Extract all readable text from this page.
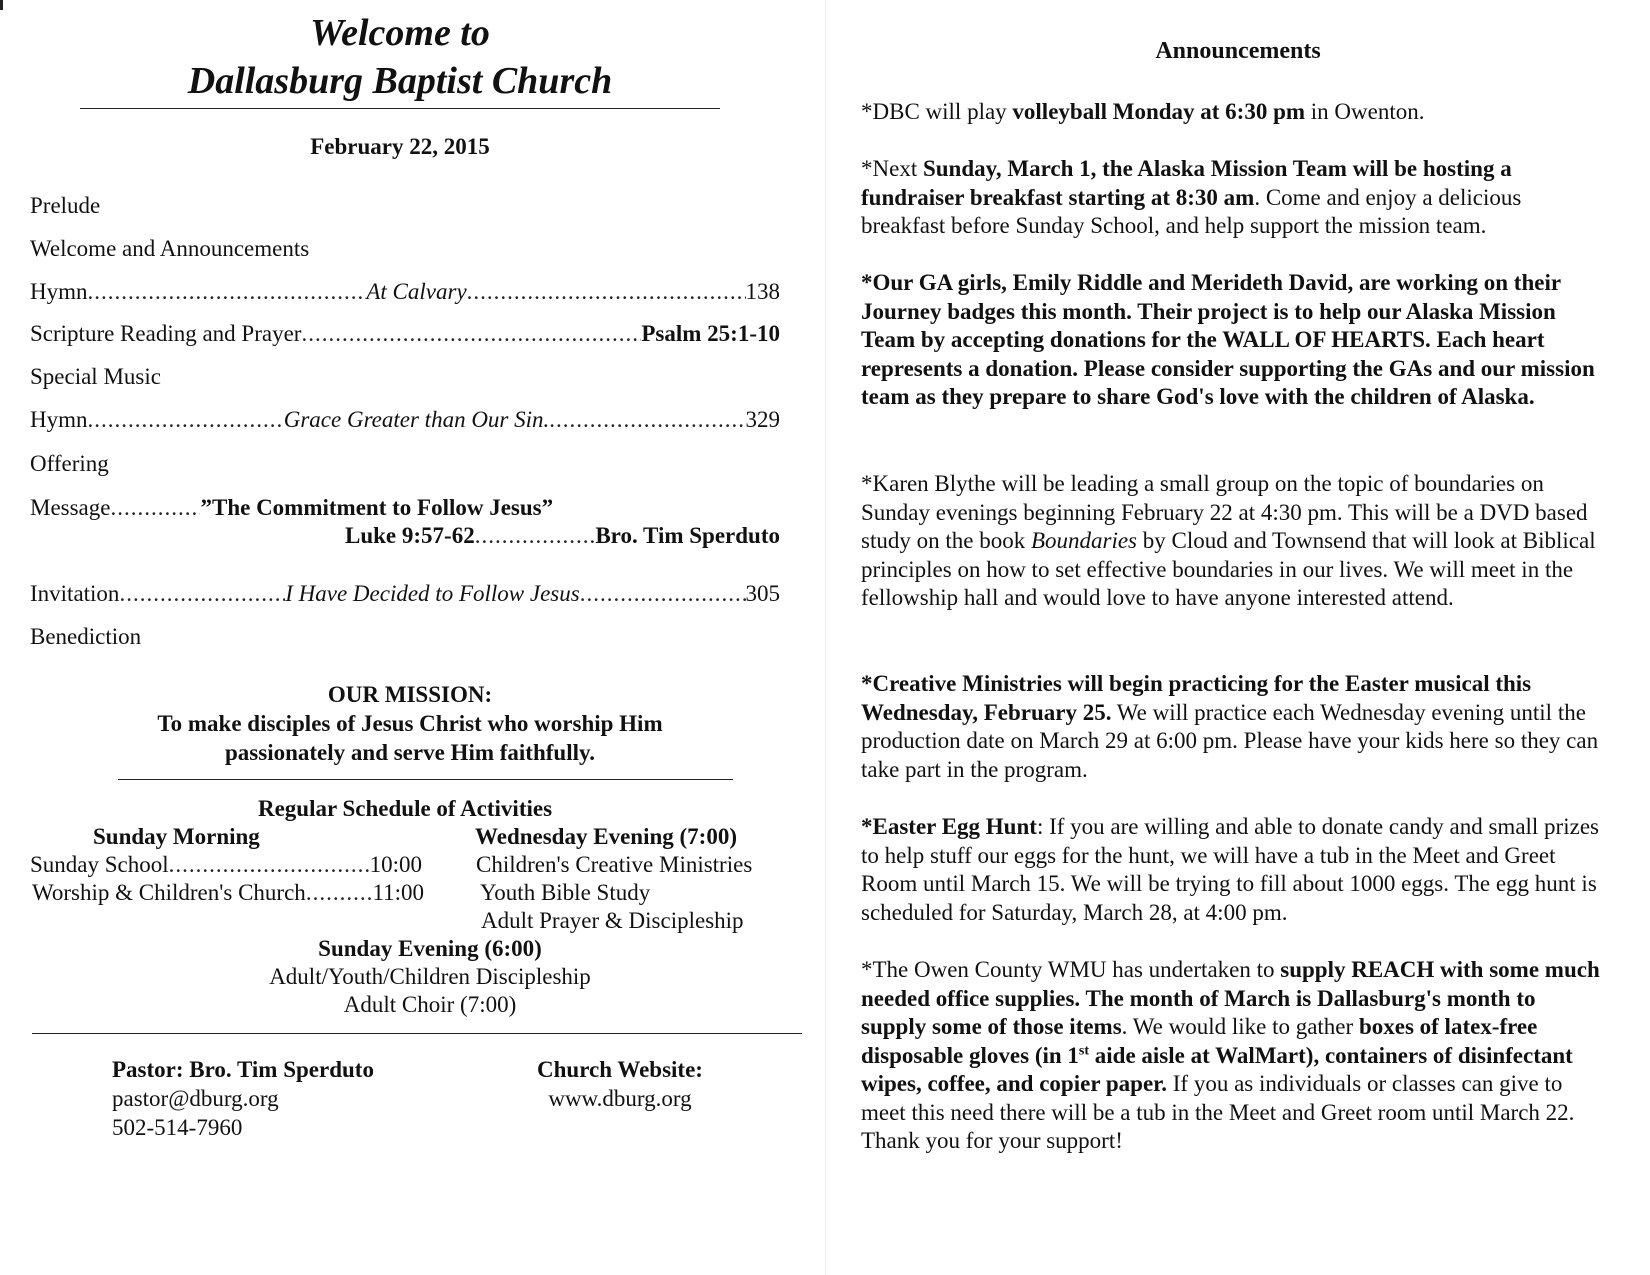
Welcome to
Dallasburg Baptist Church
February 22, 2015
Prelude
Welcome and Announcements
Hymn .....	At Calvary .....	138
Scripture Reading and Prayer .....	Psalm 25:1-10
Special Music
Hymn .....	Grace Greater than Our Sin. .....	329
Offering
Message .....	”The Commitment to Follow Jesus”
Luke 9:57-62 .....	Bro. Tim Sperduto
Invitation .....	I Have Decided to Follow Jesus .....	305
Benediction
OUR MISSION:
To make disciples of Jesus Christ who worship Him
passionately and serve Him faithfully.
Regular Schedule of Activities
Sunday Morning	Wednesday Evening (7:00)
Sunday School .....	10:00
Worship & Children's Church .....	11:00
Children's Creative Ministries
Youth Bible Study
Adult Prayer & Discipleship
Sunday Evening (6:00)
Adult/Youth/Children Discipleship
Adult Choir (7:00)
Pastor: Bro. Tim Sperduto
pastor@dburg.org
502-514-7960
Church Website:
www.dburg.org
Announcements

*DBC will play volleyball Monday at 6:30 pm in Owenton.

*Next Sunday, March 1, the Alaska Mission Team will be hosting a fundraiser breakfast starting at 8:30 am. Come and enjoy a delicious breakfast before Sunday School, and help support the mission team.

*Our GA girls, Emily Riddle and Merideth David, are working on their Journey badges this month. Their project is to help our Alaska Mission Team by accepting donations for the WALL OF HEARTS. Each heart represents a donation. Please consider supporting the GAs and our mission team as they prepare to share God's love with the children of Alaska.

*Karen Blythe will be leading a small group on the topic of boundaries on Sunday evenings beginning February 22 at 4:30 pm. This will be a DVD based study on the book Boundaries by Cloud and Townsend that will look at Biblical principles on how to set effective boundaries in our lives. We will meet in the fellowship hall and would love to have anyone interested attend.

*Creative Ministries will begin practicing for the Easter musical this Wednesday, February 25. We will practice each Wednesday evening until the production date on March 29 at 6:00 pm. Please have your kids here so they can take part in the program.

*Easter Egg Hunt: If you are willing and able to donate candy and small prizes to help stuff our eggs for the hunt, we will have a tub in the Meet and Greet Room until March 15. We will be trying to fill about 1000 eggs. The egg hunt is scheduled for Saturday, March 28, at 4:00 pm.

*The Owen County WMU has undertaken to supply REACH with some much needed office supplies. The month of March is Dallasburg's month to supply some of those items. We would like to gather boxes of latex-free disposable gloves (in 1st aide aisle at WalMart), containers of disinfectant wipes, coffee, and copier paper. If you as individuals or classes can give to meet this need there will be a tub in the Meet and Greet room until March 22. Thank you for your support!
